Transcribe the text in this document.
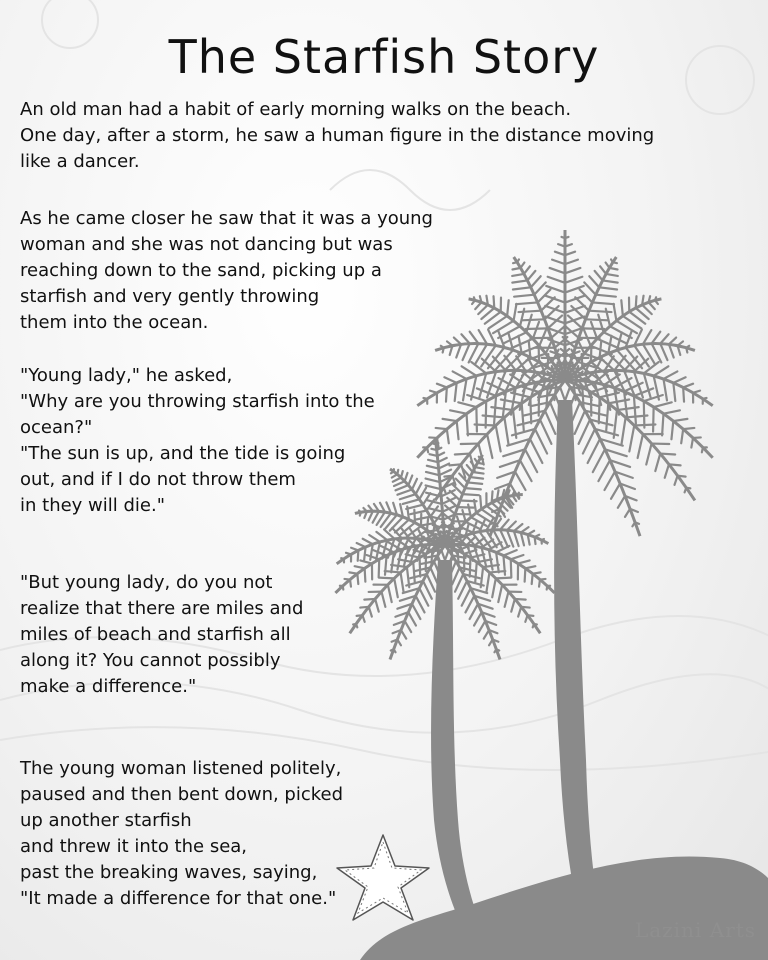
The Starfish Story
An old man had a habit of early morning walks on the beach.
One day, after a storm, he saw a human figure in the distance moving
like a dancer.
As he came closer he saw that it was a young
woman and she was not dancing but was
reaching down to the sand, picking up a
starfish and very gently throwing
them into the ocean.
"Young lady," he asked,
"Why are you throwing starfish into the
ocean?"
"The sun is up, and the tide is going
out, and if I do not throw them
in they will die."
"But young lady, do you not
realize that there are miles and
miles of beach and starfish all
along it? You cannot possibly
make a difference."
The young woman listened politely,
paused and then bent down, picked
up another starfish
and threw it into the sea,
past the breaking waves, saying,
"It made a difference for that one."
Lazini Arts
